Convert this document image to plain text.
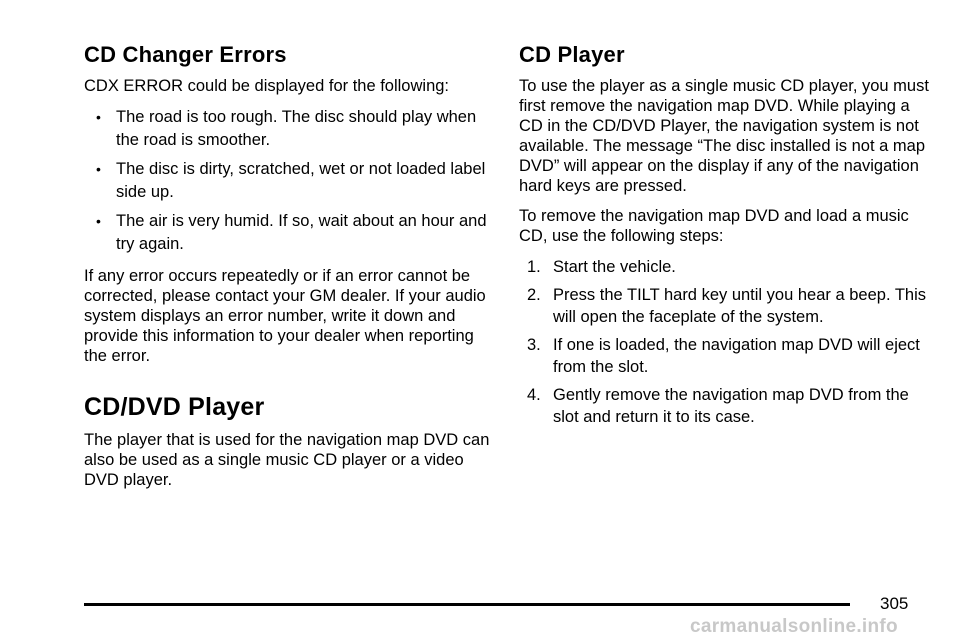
CD Changer Errors

CDX ERROR could be displayed for the following:

• The road is too rough. The disc should play when the road is smoother.
• The disc is dirty, scratched, wet or not loaded label side up.
• The air is very humid. If so, wait about an hour and try again.

If any error occurs repeatedly or if an error cannot be corrected, please contact your GM dealer. If your audio system displays an error number, write it down and provide this information to your dealer when reporting the error.

CD/DVD Player

The player that is used for the navigation map DVD can also be used as a single music CD player or a video DVD player.

CD Player

To use the player as a single music CD player, you must first remove the navigation map DVD. While playing a CD in the CD/DVD Player, the navigation system is not available. The message “The disc installed is not a map DVD” will appear on the display if any of the navigation hard keys are pressed.

To remove the navigation map DVD and load a music CD, use the following steps:

1. Start the vehicle.
2. Press the TILT hard key until you hear a beep. This will open the faceplate of the system.
3. If one is loaded, the navigation map DVD will eject from the slot.
4. Gently remove the navigation map DVD from the slot and return it to its case.
305
carmanualsonline.info
